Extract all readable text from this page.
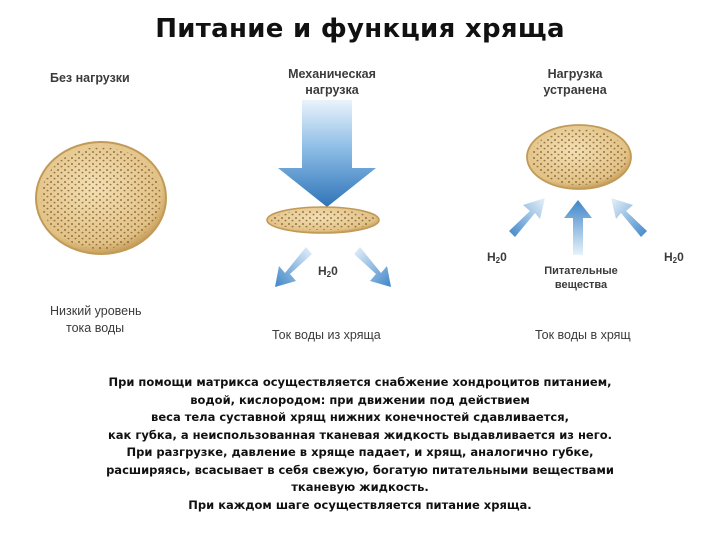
Питание и функция хряща
Без нагрузки
Низкий уровень
тока воды
Механическая
нагрузка
$H_20$
Ток воды из хряща
Нагрузка
устранена
$H_20$	$H_20$
Питательные
вещества
Ток воды в хрящ
При помощи матрикса осуществляется снабжение хондроцитов питанием,
водой, кислородом: при движении под действием
веса тела суставной хрящ нижних конечностей сдавливается,
как губка, а неиспользованная тканевая жидкость выдавливается из него.
При разгрузке, давление в хряще падает, и хрящ, аналогично губке,
расширяясь, всасывает в себя свежую, богатую питательными веществами
тканевую жидкость.
При каждом шаге осуществляется питание хряща.
